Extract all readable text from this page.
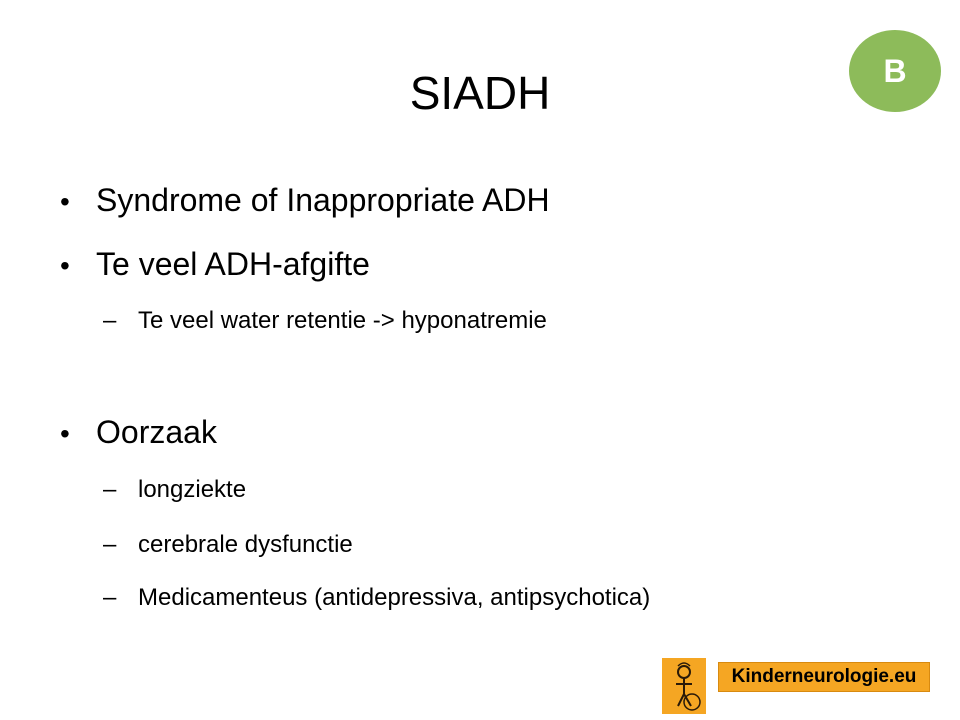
SIADH	B
• Syndrome of Inappropriate ADH
• Te veel ADH-afgifte
– Te veel water retentie -> hyponatremie
• Oorzaak
– longziekte
– cerebrale dysfunctie
– Medicamenteus (antidepressiva, antipsychotica)
Kinderneurologie.eu
